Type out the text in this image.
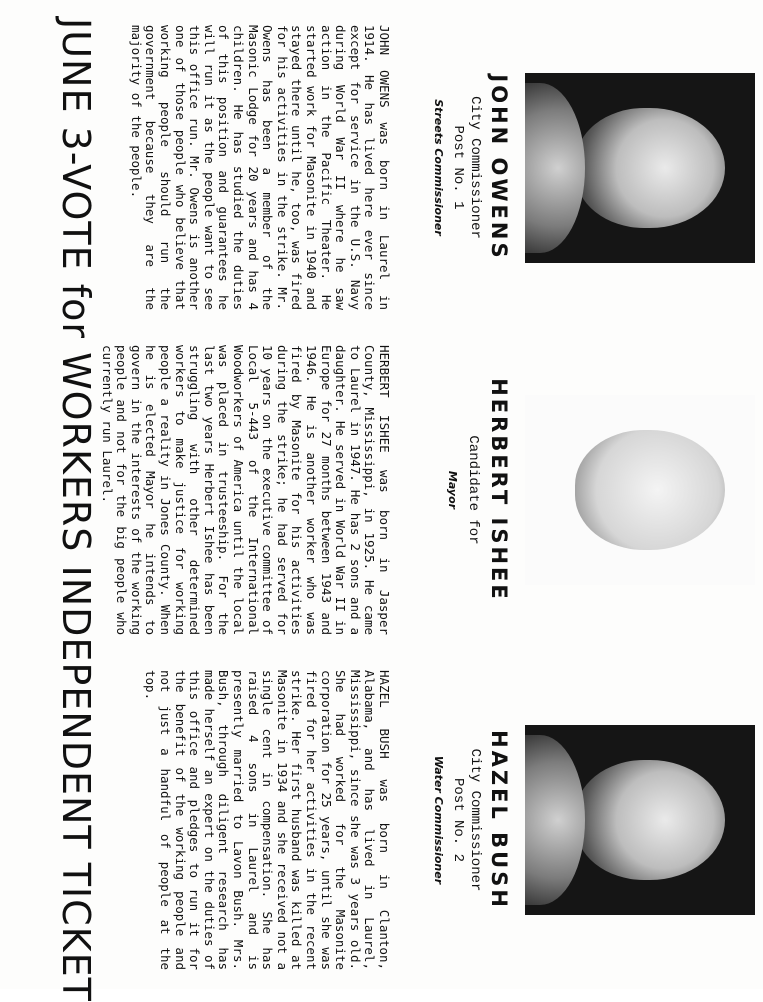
JOHN OWENS
City Commissioner
Post No. 1
Streets Commissioner

JOHN OWENS was born in Laurel in 1914. He has lived here ever since except for service in the U.S. Navy during World War II where he saw action in the Pacific Theater. He started work for Masonite in 1940 and stayed there until he, too, was fired for his activities in the strike. Mr. Owens has been a member of the Masonic Lodge for 20 years and has 4 children. He has studied the duties of this position and guarantees he will run it as the people want to see this office run. Mr. Owens is another one of those people who believe that working people should run the government because they are the majority of the people.

HERBERT ISHEE
Candidate for
Mayor

HERBERT ISHEE was born in Jasper County, Mississippi, in 1925. He came to Laurel in 1947. He has 2 sons and a daughter. He served in World War II in Europe for 27 months between 1943 and 1946. He is another worker who was fired by Masonite for his activities during the strike; he had served for 10 years on the executive committee of Local 5-443 of the International Woodworkers of America until the local was placed in trusteeship. For the last two years Herbert Ishee has been struggling with other determined workers to make justice for working people a reality in Jones County. When he is elected Mayor he intends to govern in the interests of the working people and not for the big people who currently run Laurel.

HAZEL BUSH
City Commissioner
Post No. 2
Water Commissioner

HAZEL BUSH was born in Clanton, Alabama, and has lived in Laurel, Mississippi, since she was 3 years old. She had worked for the Masonite corporation for 25 years, until she was fired for her activities in the recent strike. Her first husband was killed at Masonite in 1934 and she received not a single cent in compensation. She has raised 4 sons in Laurel and is presently married to Lavon Bush. Mrs. Bush, through diligent research has made herself an expert on the duties of this office and pledges to run it for the benefit of the working people and not just a handful of people at the top.

JUNE 3-VOTE for WORKERS INDEPENDENT TICKET
